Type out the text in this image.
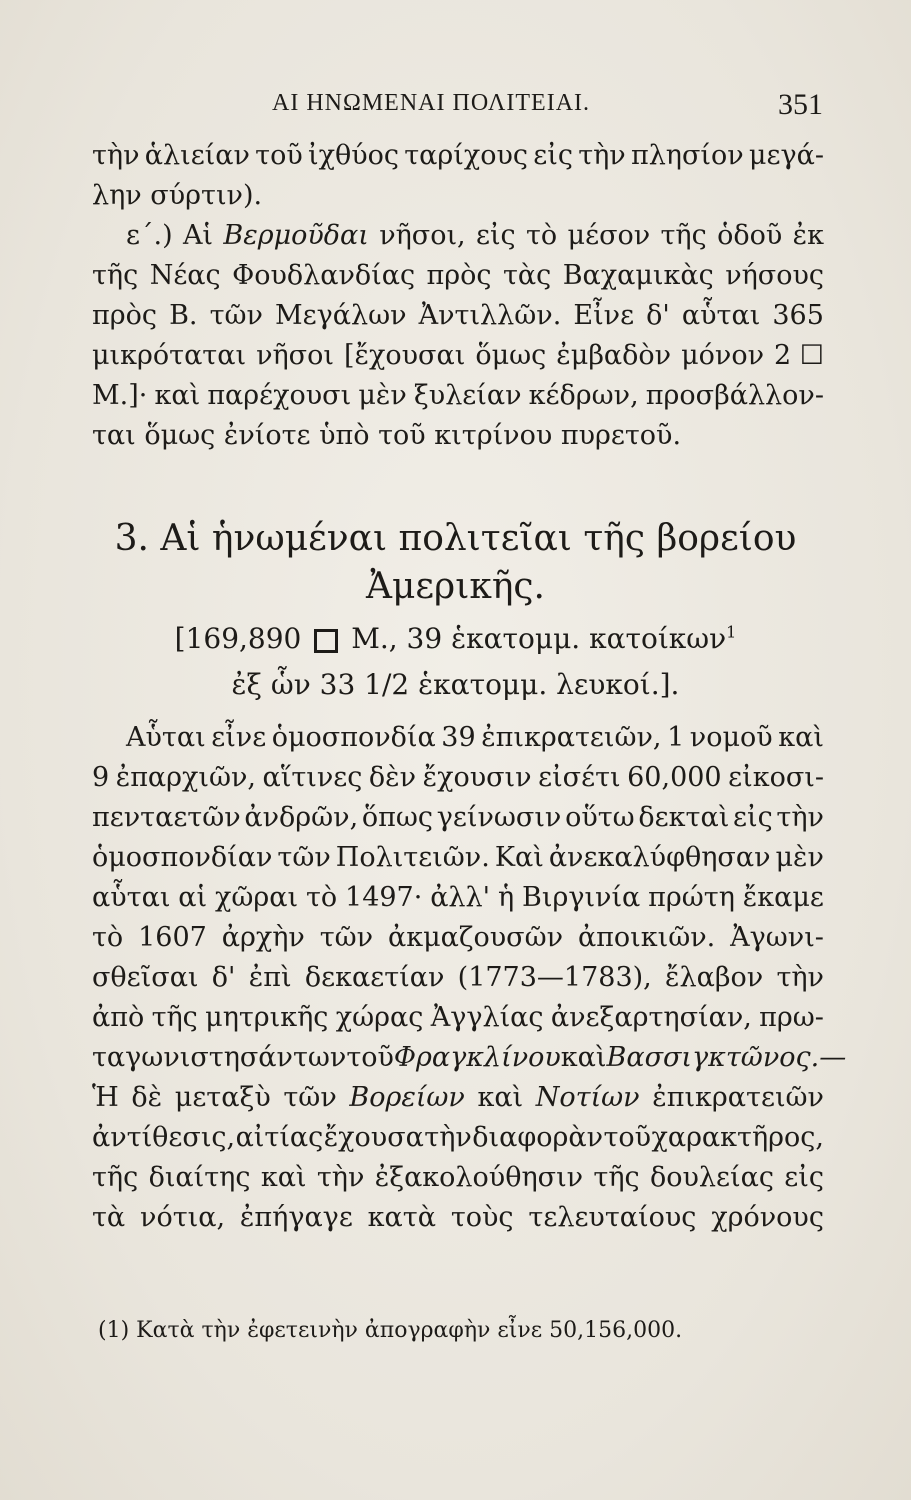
ΑΙ ΗΝΩΜΕΝΑΙ ΠΟΛΙΤΕΙΑΙ.	351
τὴν ἁλιείαν τοῦ ἰχθύος ταρίχους εἰς τὴν πλησίον μεγά-
λην σύρτιν).
ε΄.) Αἱ Βερμοῦδαι νῆσοι, εἰς τὸ μέσον τῆς ὁδοῦ ἐκ
τῆς Νέας Φουδλανδίας πρὸς τὰς Βαχαμικὰς νήσους
πρὸς Β. τῶν Μεγάλων Ἀντιλλῶν. Εἶνε δ' αὗται 365
μικρόταται νῆσοι [ἔχουσαι ὅμως ἐμβαδὸν μόνον 2 ☐
Μ.]· καὶ παρέχουσι μὲν ξυλείαν κέδρων, προσβάλλον-
ται ὅμως ἐνίοτε ὑπὸ τοῦ κιτρίνου πυρετοῦ.
3. Αἱ ἡνωμέναι πολιτεῖαι τῆς βορείου
Ἀμερικῆς.
[169,890 Μ., 39 ἑκατομμ. κατοίκων$^1$
ἐξ ὧν 33 1/2 ἑκατομμ. λευκοί.].
Αὗται εἶνε ὁμοσπονδία 39 ἐπικρατειῶν, 1 νομοῦ καὶ
9 ἐπαρχιῶν, αἵτινες δὲν ἔχουσιν εἰσέτι 60,000 εἰκοσι-
πενταετῶν ἀνδρῶν, ὅπως γείνωσιν οὕτω δεκταὶ εἰς τὴν
ὁμοσπονδίαν τῶν Πολιτειῶν. Καὶ ἀνεκαλύφθησαν μὲν
αὗται αἱ χῶραι τὸ 1497· ἀλλ' ἡ Βιργινία πρώτη ἔκαμε
τὸ 1607 ἀρχὴν τῶν ἀκμαζουσῶν ἀποικιῶν. Ἀγωνι-
σθεῖσαι δ' ἐπὶ δεκαετίαν (1773—1783), ἔλαβον τὴν
ἀπὸ τῆς μητρικῆς χώρας Ἀγγλίας ἀνεξαρτησίαν, πρω-
ταγωνιστησάντων τοῦ Φραγκλίνου καὶ Βασσιγκτῶνος.—
Ἡ δὲ μεταξὺ τῶν Βορείων καὶ Νοτίων ἐπικρατειῶν
ἀντίθεσις, αἰτίας ἔχουσα τὴν διαφορὰν τοῦ χαρακτῆρος,
τῆς διαίτης καὶ τὴν ἐξακολούθησιν τῆς δουλείας εἰς
τὰ νότια, ἐπήγαγε κατὰ τοὺς τελευταίους χρόνους
(1) Κατὰ τὴν ἐφετεινὴν ἀπογραφὴν εἶνε 50,156,000.
